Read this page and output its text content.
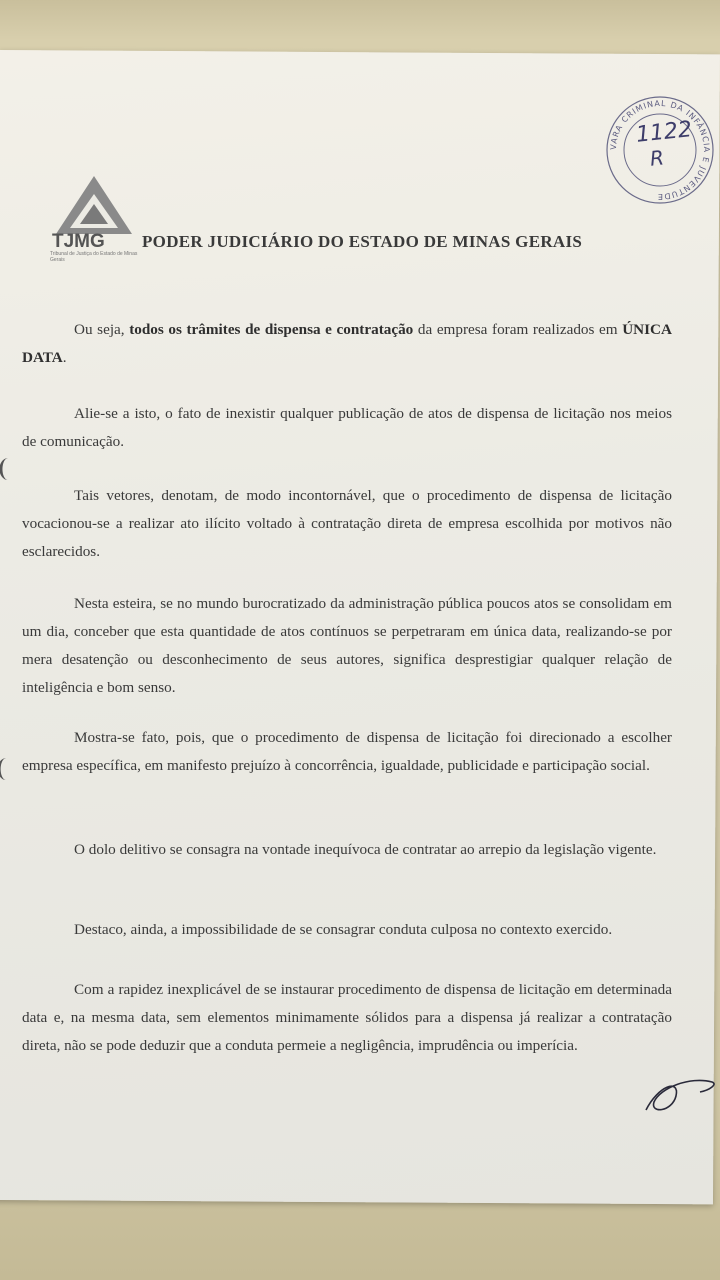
TJMG
Tribunal de Justiça do Estado de Minas Gerais
PODER JUDICIÁRIO DO ESTADO DE MINAS GERAIS
VARA CRIMINAL DA INFÂNCIA E JUVENTUDE
1122
R
Ou seja, todos os trâmites de dispensa e contratação da empresa foram realizados em ÚNICA DATA.
Alie-se a isto, o fato de inexistir qualquer publicação de atos de dispensa de licitação nos meios de comunicação.
Tais vetores, denotam, de modo incontornável, que o procedimento de dispensa de licitação vocacionou-se a realizar ato ilícito voltado à contratação direta de empresa escolhida por motivos não esclarecidos.
Nesta esteira, se no mundo burocratizado da administração pública poucos atos se consolidam em um dia, conceber que esta quantidade de atos contínuos se perpetraram em única data, realizando-se por mera desatenção ou desconhecimento de seus autores, significa desprestigiar qualquer relação de inteligência e bom senso.
Mostra-se fato, pois, que o procedimento de dispensa de licitação foi direcionado a escolher empresa específica, em manifesto prejuízo à concorrência, igualdade, publicidade e participação social.
O dolo delitivo se consagra na vontade inequívoca de contratar ao arrepio da legislação vigente.
Destaco, ainda, a impossibilidade de se consagrar conduta culposa no contexto exercido.
Com a rapidez inexplicável de se instaurar procedimento de dispensa de licitação em determinada data e, na mesma data, sem elementos minimamente sólidos para a dispensa já realizar a contratação direta, não se pode deduzir que a conduta permeie a negligência, imprudência ou imperícia.
